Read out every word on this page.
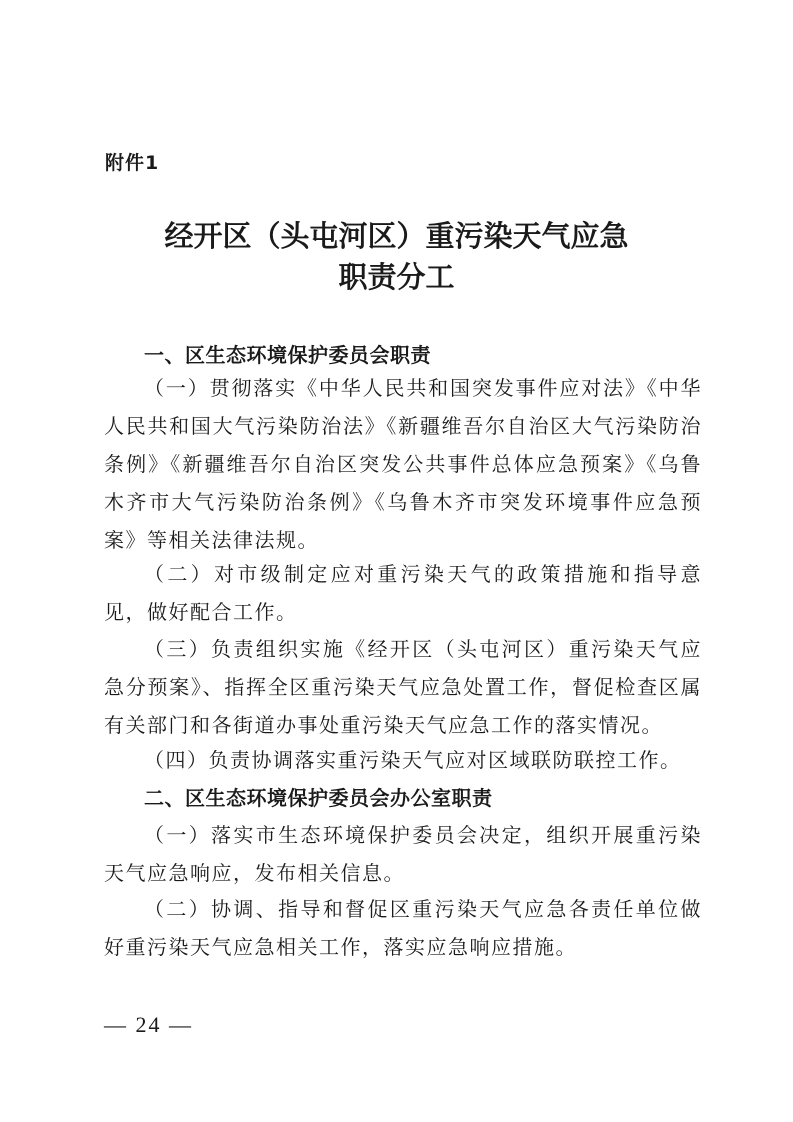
附件1
经开区（头屯河区）重污染天气应急
职责分工
一、区生态环境保护委员会职责
（一）贯彻落实《中华人民共和国突发事件应对法》《中华人民共和国大气污染防治法》《新疆维吾尔自治区大气污染防治条例》《新疆维吾尔自治区突发公共事件总体应急预案》《乌鲁木齐市大气污染防治条例》《乌鲁木齐市突发环境事件应急预案》等相关法律法规。
（二）对市级制定应对重污染天气的政策措施和指导意见，做好配合工作。
（三）负责组织实施《经开区（头屯河区）重污染天气应急分预案》、指挥全区重污染天气应急处置工作，督促检查区属有关部门和各街道办事处重污染天气应急工作的落实情况。
（四）负责协调落实重污染天气应对区域联防联控工作。
二、区生态环境保护委员会办公室职责
（一）落实市生态环境保护委员会决定，组织开展重污染天气应急响应，发布相关信息。
（二）协调、指导和督促区重污染天气应急各责任单位做好重污染天气应急相关工作，落实应急响应措施。
— 24 —
